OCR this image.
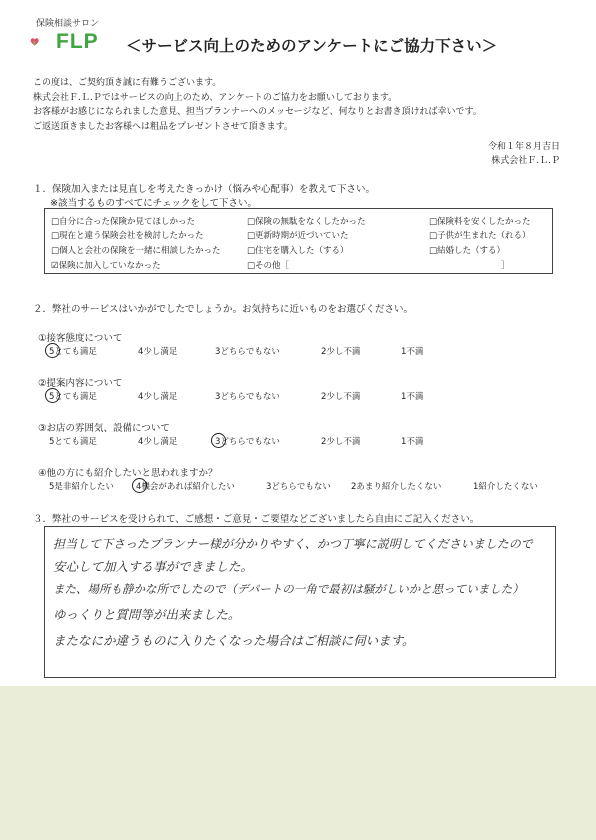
保険相談サロン
FLP ＜サービス向上のためのアンケートにご協力下さい＞
この度は、ご契約頂き誠に有難うございます。
株式会社Ｆ.Ｌ.Ｐではサービスの向上のため、アンケートのご協力をお願いしております。
お客様がお感じになられました意見、担当プランナーへのメッセージなど、何なりとお書き頂ければ幸いです。
ご返送頂きましたお客様へは粗品をプレゼントさせて頂きます。
令和１年８月吉日
株式会社Ｆ.Ｌ.Ｐ
１．保険加入または見直しを考えたきっかけ（悩みや心配事）を教えて下さい。
※該当するものすべてにチェックをして下さい。
□自分に合った保険か見てほしかった	□保険の無駄をなくしたかった	□保険料を安くしたかった
□現在と違う保険会社を検討したかった	□更新時期が近づいていた	□子供が生まれた（れる）
□個人と会社の保険を一緒に相談したかった	□住宅を購入した（する）	□結婚した（する）
☑保険に加入していなかった	□その他［	］
２．弊社のサービスはいかがでしたでしょうか。お気持ちに近いものをお選びください。
①接客態度について
5とても満足	4少し満足	3どちらでもない	2少し不満	1不満
②提案内容について
5とても満足	4少し満足	3どちらでもない	2少し不満	1不満
③お店の雰囲気、設備について
5とても満足	4少し満足	3どちらでもない	2少し不満	1不満
④他の方にも紹介したいと思われますか？
5是非紹介したい	4機会があれば紹介したい	3どちらでもない 2あまり紹介したくない	1紹介したくない
３．弊社のサービスを受けられて、ご感想・ご意見・ご要望などございましたら自由にご記入ください。
担当して下さったプランナー様が分かりやすく、かつ丁寧に説明してくださいましたので
安心して加入する事ができました。
また、場所も静かな所でしたので（デパートの一角で最初は騒がしいかと思っていました）
ゆっくりと質問等が出来ました。
またなにか違うものに入りたくなった場合はご相談に伺います。
